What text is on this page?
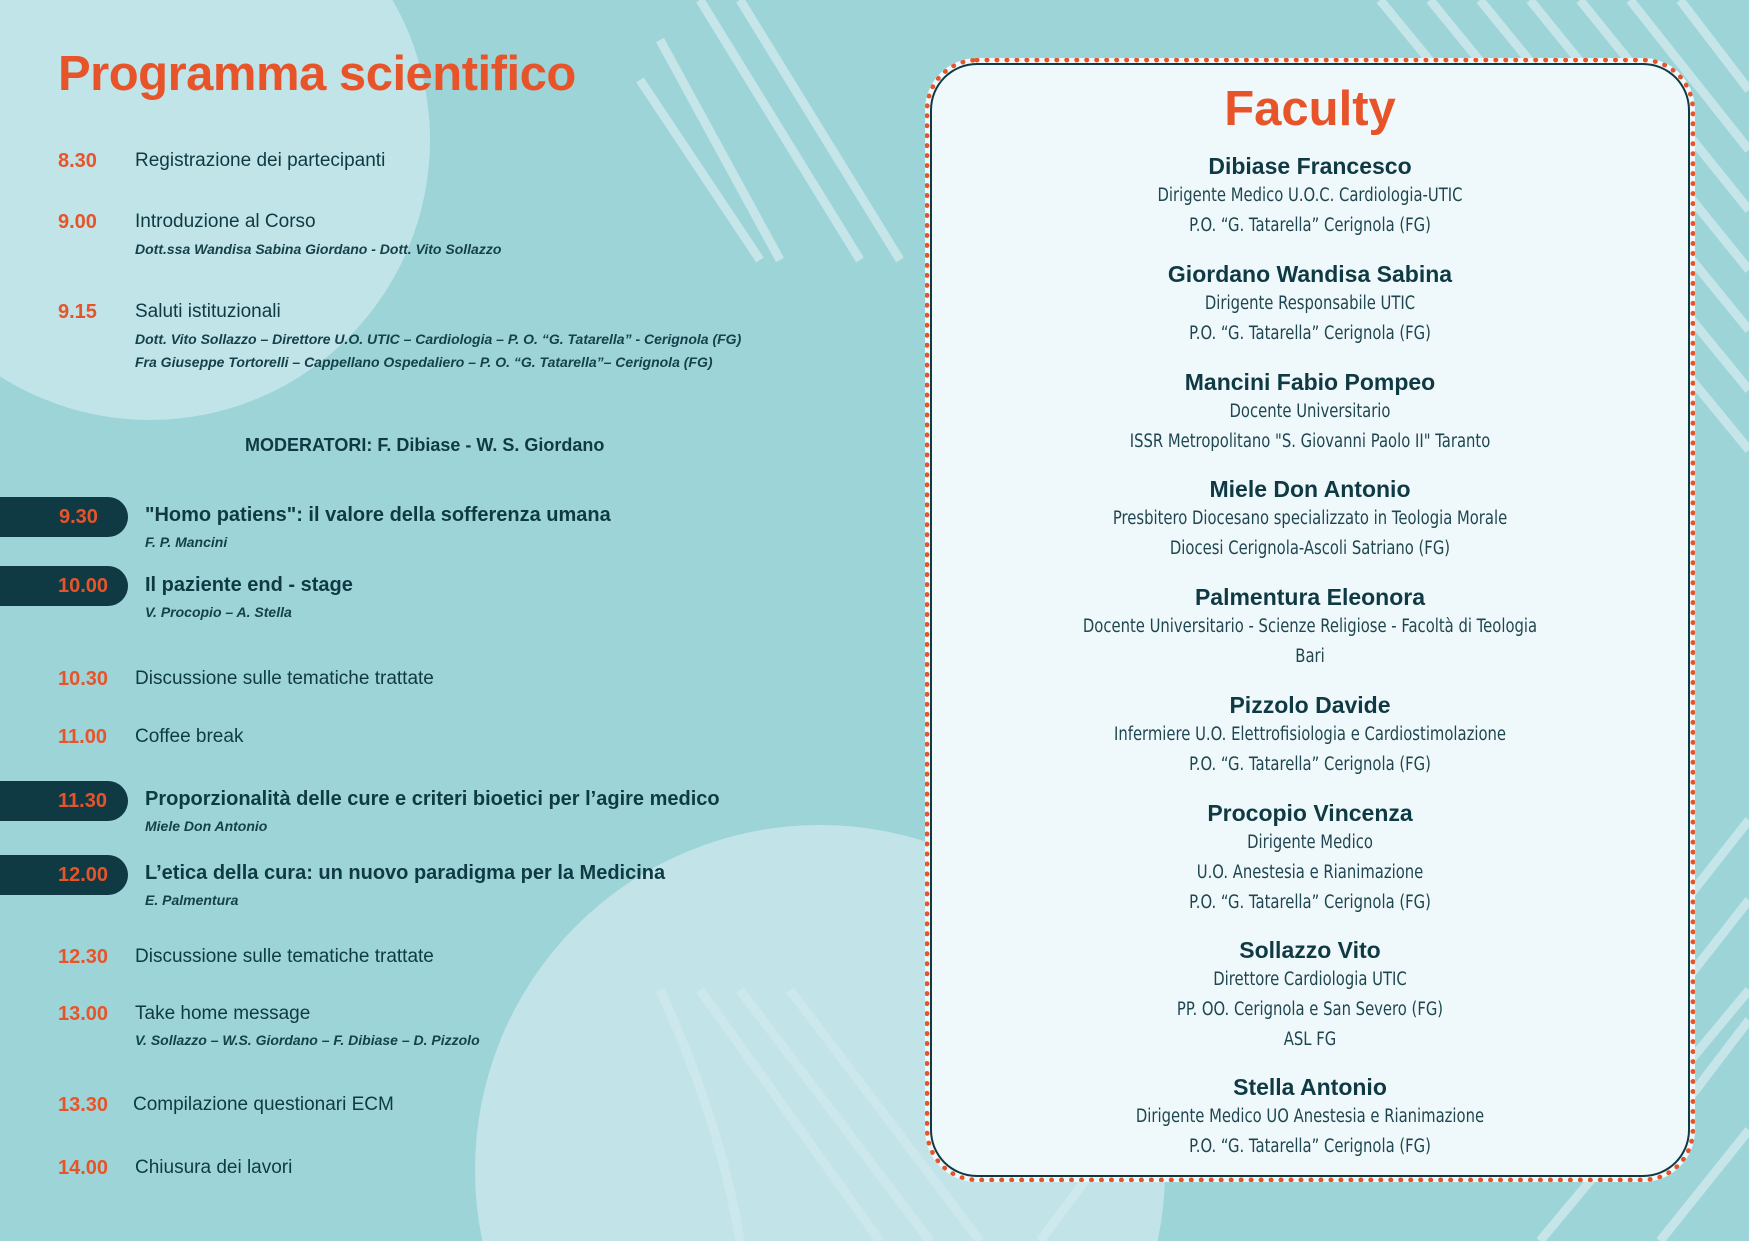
Programma scientifico
8.30 Registrazione dei partecipanti
9.00 Introduzione al Corso
Dott.ssa Wandisa Sabina Giordano - Dott. Vito Sollazzo
9.15 Saluti istituzionali
Dott. Vito Sollazzo – Direttore U.O. UTIC – Cardiologia – P. O. “G. Tatarella” - Cerignola (FG)
Fra Giuseppe Tortorelli – Cappellano Ospedaliero – P. O. “G. Tatarella”– Cerignola (FG)
MODERATORI: F. Dibiase - W. S. Giordano
9.30 "Homo patiens": il valore della sofferenza umana
F. P. Mancini
10.00 Il paziente end - stage
V. Procopio – A. Stella
10.30 Discussione sulle tematiche trattate
11.00 Coffee break
11.30 Proporzionalità delle cure e criteri bioetici per l’agire medico
Miele Don Antonio
12.00 L’etica della cura: un nuovo paradigma per la Medicina
E. Palmentura
12.30 Discussione sulle tematiche trattate
13.00 Take home message
V. Sollazzo – W.S. Giordano – F. Dibiase – D. Pizzolo
13.30 Compilazione questionari ECM
14.00 Chiusura dei lavori
Faculty
Dibiase Francesco
Dirigente Medico U.O.C. Cardiologia-UTIC
P.O. “G. Tatarella” Cerignola (FG)
Giordano Wandisa Sabina
Dirigente Responsabile UTIC
P.O. “G. Tatarella” Cerignola (FG)
Mancini Fabio Pompeo
Docente Universitario
ISSR Metropolitano "S. Giovanni Paolo II" Taranto
Miele Don Antonio
Presbitero Diocesano specializzato in Teologia Morale
Diocesi Cerignola-Ascoli Satriano (FG)
Palmentura Eleonora
Docente Universitario - Scienze Religiose - Facoltà di Teologia
Bari
Pizzolo Davide
Infermiere U.O. Elettrofisiologia e Cardiostimolazione
P.O. “G. Tatarella” Cerignola (FG)
Procopio Vincenza
Dirigente Medico
U.O. Anestesia e Rianimazione
P.O. “G. Tatarella” Cerignola (FG)
Sollazzo Vito
Direttore Cardiologia UTIC
PP. OO. Cerignola e San Severo (FG)
ASL FG
Stella Antonio
Dirigente Medico UO Anestesia e Rianimazione
P.O. “G. Tatarella” Cerignola (FG)
